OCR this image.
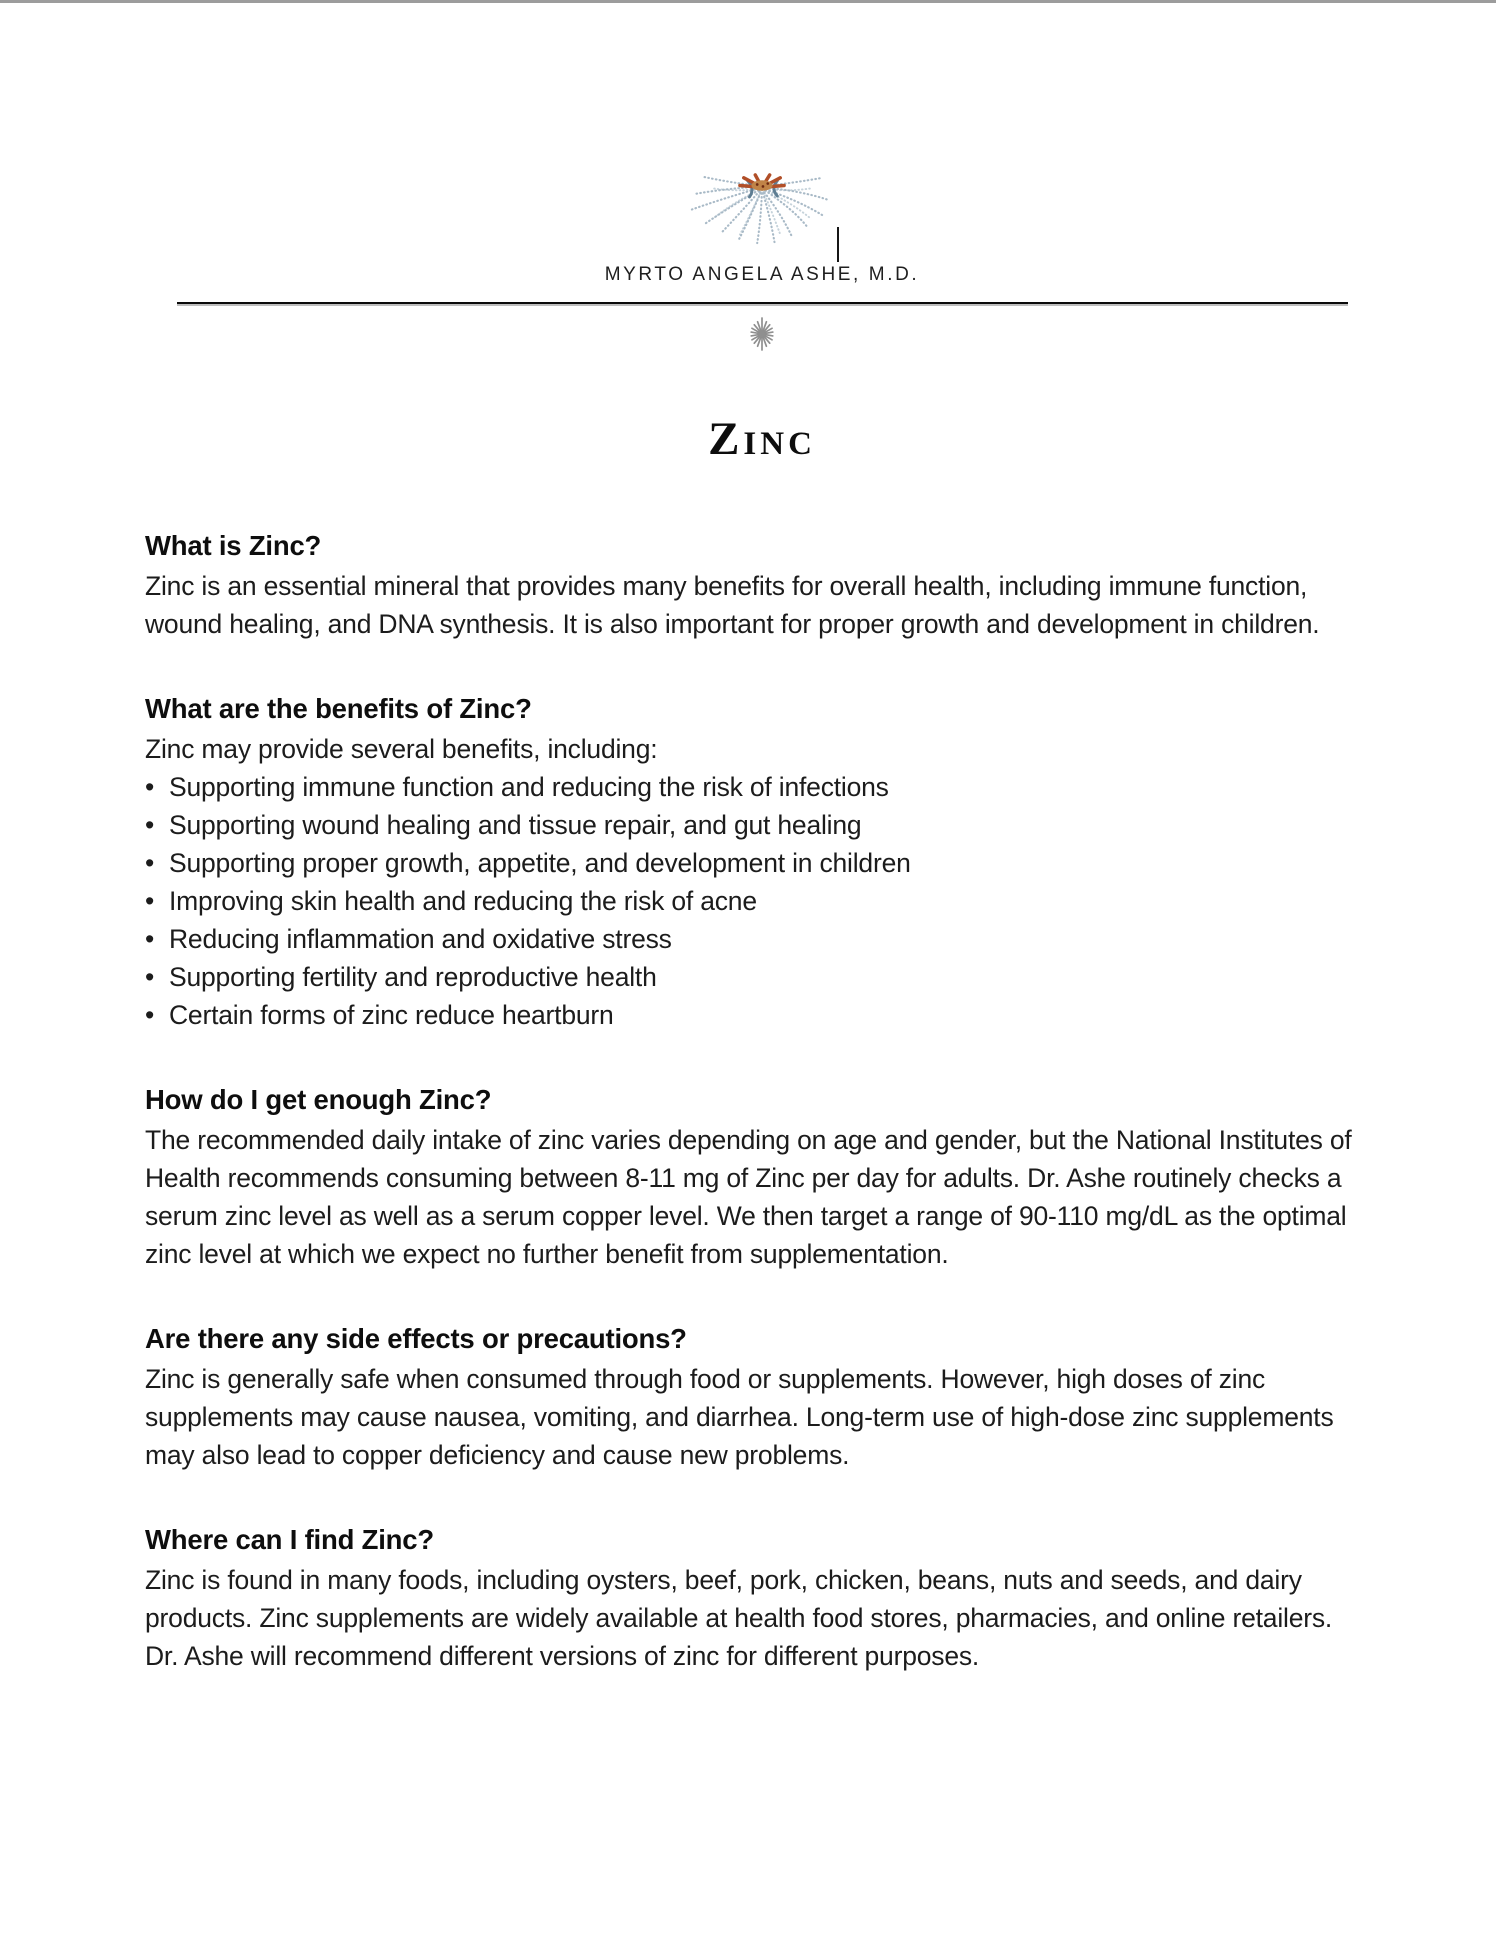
MYRTO ANGELA ASHE, M.D.
Zinc
What is Zinc?

Zinc is an essential mineral that provides many benefits for overall health, including immune function, wound healing, and DNA synthesis. It is also important for proper growth and development in children.

What are the benefits of Zinc?

Zinc may provide several benefits, including:

• Supporting immune function and reducing the risk of infections
• Supporting wound healing and tissue repair, and gut healing
• Supporting proper growth, appetite, and development in children
• Improving skin health and reducing the risk of acne
• Reducing inflammation and oxidative stress
• Supporting fertility and reproductive health
• Certain forms of zinc reduce heartburn
How do I get enough Zinc?

The recommended daily intake of zinc varies depending on age and gender, but the National Institutes of Health recommends consuming between 8-11 mg of Zinc per day for adults. Dr. Ashe routinely checks a serum zinc level as well as a serum copper level. We then target a range of 90-110 mg/dL as the optimal zinc level at which we expect no further benefit from supplementation.

Are there any side effects or precautions?

Zinc is generally safe when consumed through food or supplements. However, high doses of zinc supplements may cause nausea, vomiting, and diarrhea. Long-term use of high-dose zinc supplements may also lead to copper deficiency and cause new problems.

Where can I find Zinc?

Zinc is found in many foods, including oysters, beef, pork, chicken, beans, nuts and seeds, and dairy products. Zinc supplements are widely available at health food stores, pharmacies, and online retailers. Dr. Ashe will recommend different versions of zinc for different purposes.
